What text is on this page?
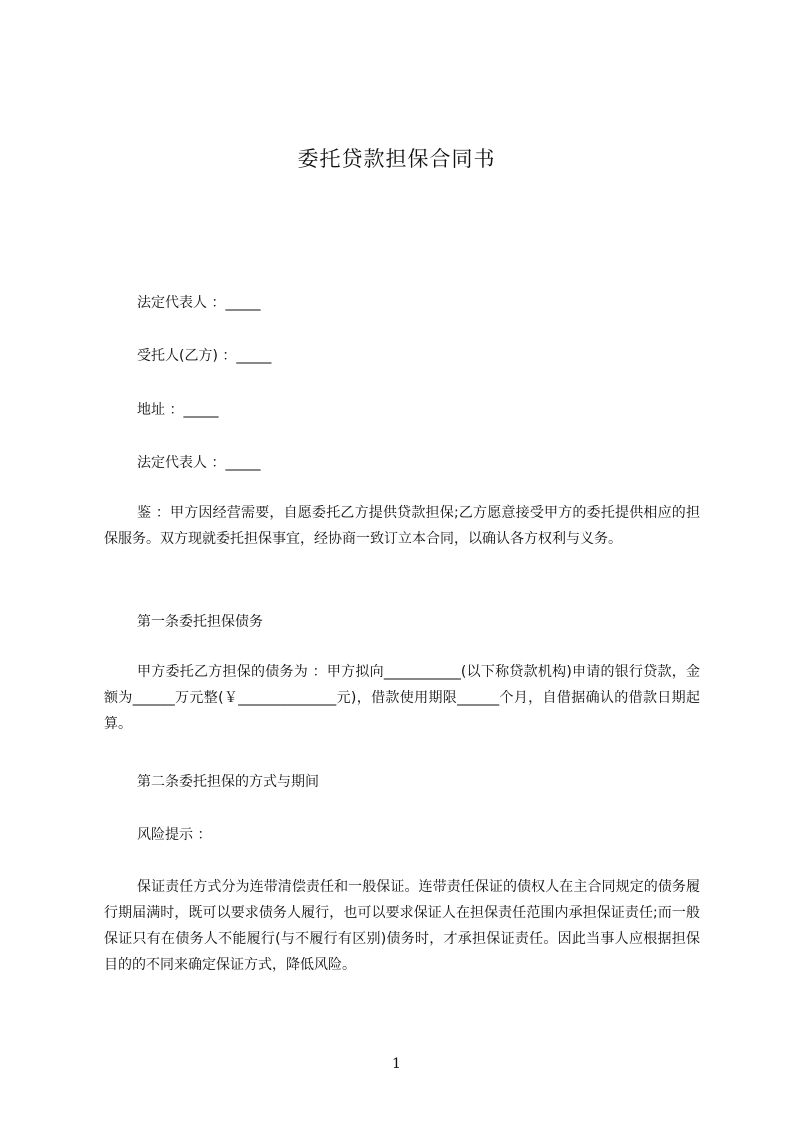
委托贷款担保合同书
法定代表人 ：_____
受托人(乙方) ：_____
地址 ：_____
法定代表人 ：_____
鉴 ：甲方因经营需要，自愿委托乙方提供贷款担保;乙方愿意接受甲方的委托提供相应的担保服务。双方现就委托担保事宜，经协商一致订立本合同，以确认各方权利与义务。
第一条委托担保债务
甲方委托乙方担保的债务为 ：甲方拟向___________(以下称贷款机构)申请的银行贷款，金额为______万元整(￥______________元)，借款使用期限______个月，自借据确认的借款日期起算。
第二条委托担保的方式与期间
风险提示 ：
保证责任方式分为连带清偿责任和一般保证。连带责任保证的债权人在主合同规定的债务履行期届满时，既可以要求债务人履行，也可以要求保证人在担保责任范围内承担保证责任;而一般保证只有在债务人不能履行(与不履行有区别)债务时，才承担保证责任。因此当事人应根据担保目的的不同来确定保证方式，降低风险。
1
